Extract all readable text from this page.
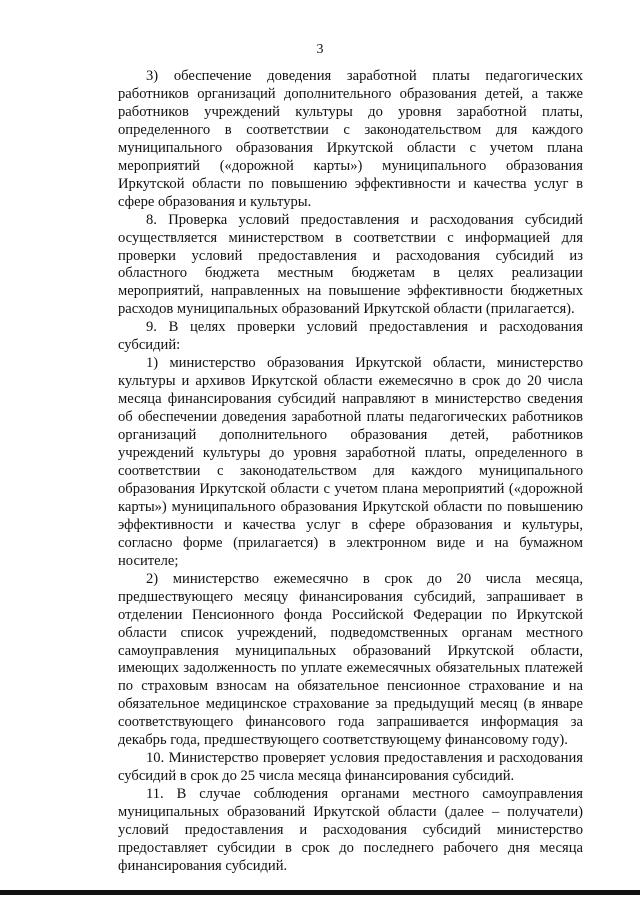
3

3) обеспечение доведения заработной платы педагогических работников организаций дополнительного образования детей, а также работников учреждений культуры до уровня заработной платы, определенного в соответствии с законодательством для каждого муниципального образования Иркутской области с учетом плана мероприятий («дорожной карты») муниципального образования Иркутской области по повышению эффективности и качества услуг в сфере образования и культуры.

8. Проверка условий предоставления и расходования субсидий осуществляется министерством в соответствии с информацией для проверки условий предоставления и расходования субсидий из областного бюджета местным бюджетам в целях реализации мероприятий, направленных на повышение эффективности бюджетных расходов муниципальных образований Иркутской области (прилагается).

9. В целях проверки условий предоставления и расходования субсидий:

1) министерство образования Иркутской области, министерство культуры и архивов Иркутской области ежемесячно в срок до 20 числа месяца финансирования субсидий направляют в министерство сведения об обеспечении доведения заработной платы педагогических работников организаций дополнительного образования детей, работников учреждений культуры до уровня заработной платы, определенного в соответствии с законодательством для каждого муниципального образования Иркутской области с учетом плана мероприятий («дорожной карты») муниципального образования Иркутской области по повышению эффективности и качества услуг в сфере образования и культуры, согласно форме (прилагается) в электронном виде и на бумажном носителе;

2) министерство ежемесячно в срок до 20 числа месяца, предшествующего месяцу финансирования субсидий, запрашивает в отделении Пенсионного фонда Российской Федерации по Иркутской области список учреждений, подведомственных органам местного самоуправления муниципальных образований Иркутской области, имеющих задолженность по уплате ежемесячных обязательных платежей по страховым взносам на обязательное пенсионное страхование и на обязательное медицинское страхование за предыдущий месяц (в январе соответствующего финансового года запрашивается информация за декабрь года, предшествующего соответствующему финансовому году).

10. Министерство проверяет условия предоставления и расходования субсидий в срок до 25 числа месяца финансирования субсидий.

11. В случае соблюдения органами местного самоуправления муниципальных образований Иркутской области (далее – получатели) условий предоставления и расходования субсидий министерство предоставляет субсидии в срок до последнего рабочего дня месяца финансирования субсидий.
